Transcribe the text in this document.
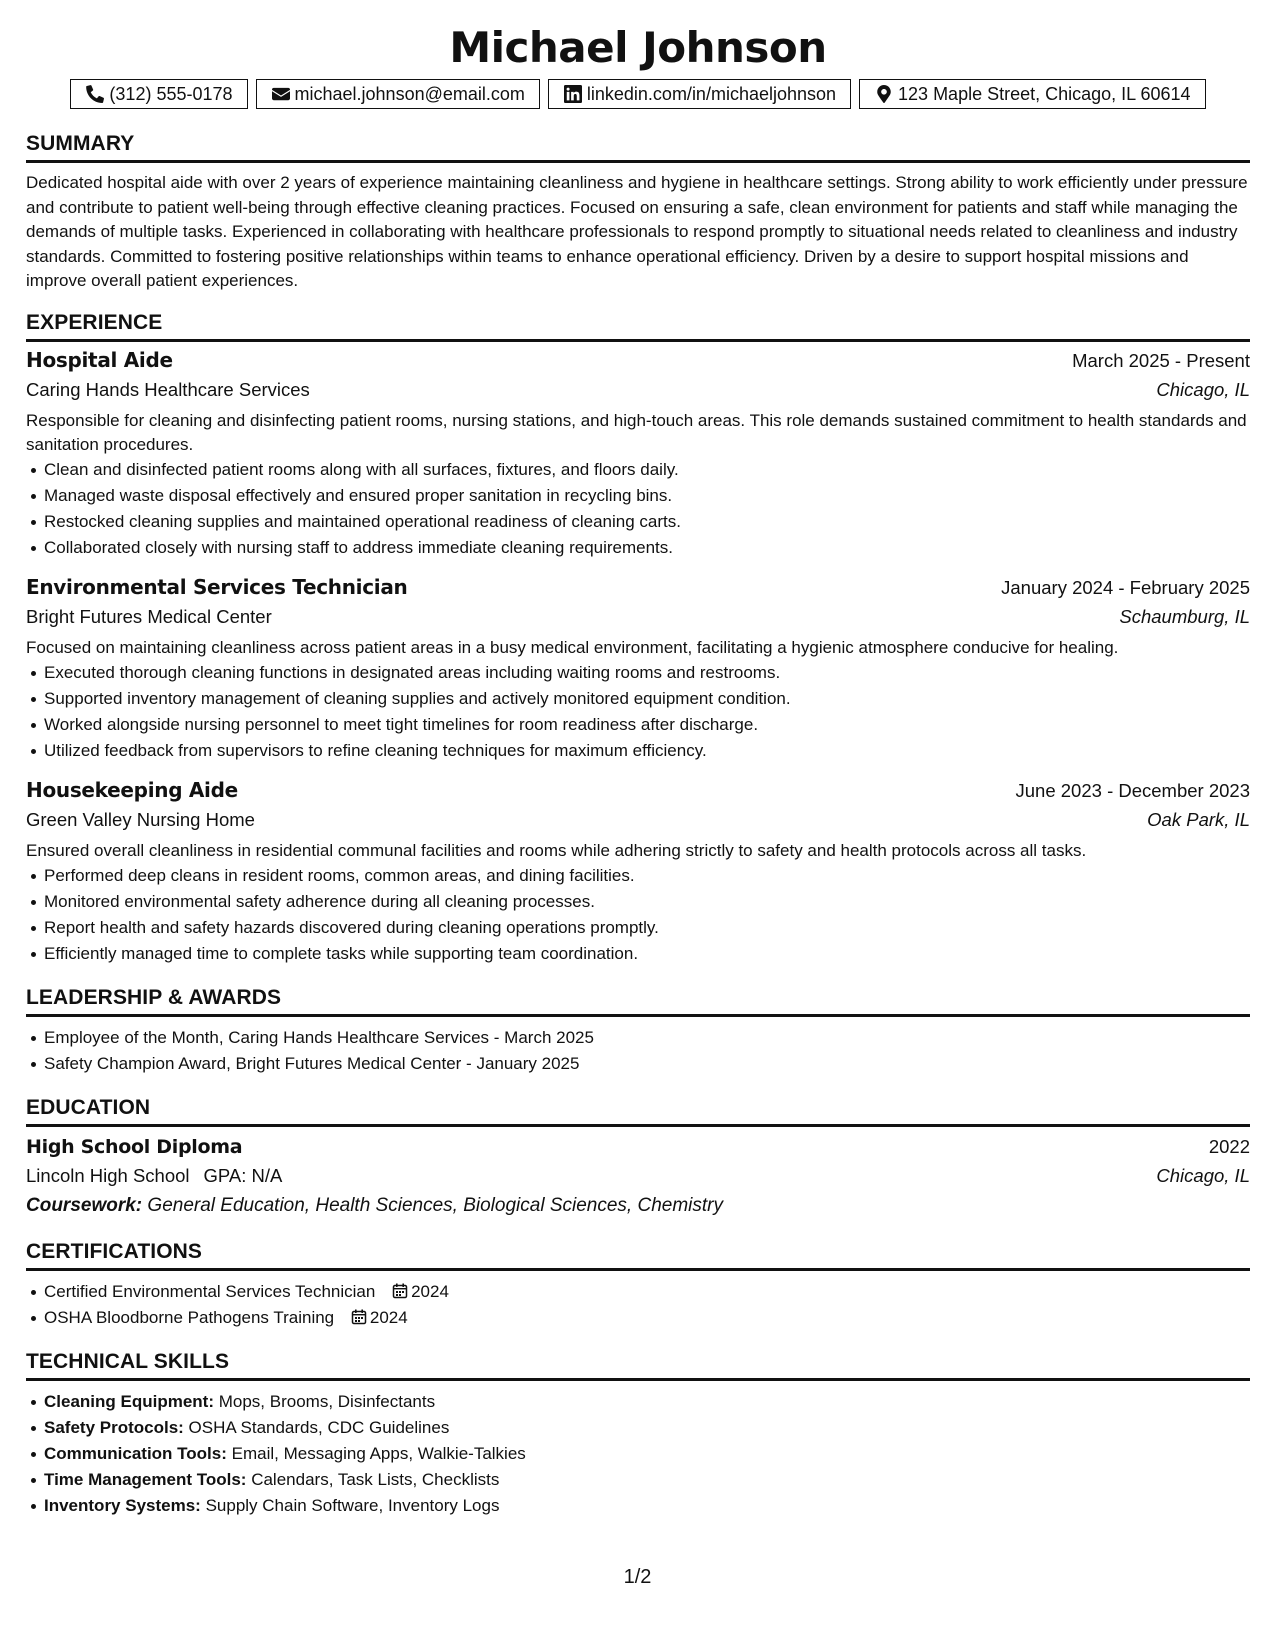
Michael Johnson
(312) 555-0178	michael.johnson@email.com	linkedin.com/in/michaeljohnson	123 Maple Street, Chicago, IL 60614
SUMMARY

Dedicated hospital aide with over 2 years of experience maintaining cleanliness and hygiene in healthcare settings. Strong ability to work efficiently under pressure and contribute to patient well-being through effective cleaning practices. Focused on ensuring a safe, clean environment for patients and staff while managing the demands of multiple tasks. Experienced in collaborating with healthcare professionals to respond promptly to situational needs related to cleanliness and industry standards. Committed to fostering positive relationships within teams to enhance operational efficiency. Driven by a desire to support hospital missions and improve overall patient experiences.

EXPERIENCE
Hospital Aide	March 2025 - Present
Caring Hands Healthcare Services	Chicago, IL

Responsible for cleaning and disinfecting patient rooms, nursing stations, and high-touch areas. This role demands sustained commitment to health standards and sanitation procedures.

Clean and disinfected patient rooms along with all surfaces, fixtures, and floors daily.
Managed waste disposal effectively and ensured proper sanitation in recycling bins.
Restocked cleaning supplies and maintained operational readiness of cleaning carts.
Collaborated closely with nursing staff to address immediate cleaning requirements.
Environmental Services Technician	January 2024 - February 2025
Bright Futures Medical Center	Schaumburg, IL

Focused on maintaining cleanliness across patient areas in a busy medical environment, facilitating a hygienic atmosphere conducive for healing.

Executed thorough cleaning functions in designated areas including waiting rooms and restrooms.
Supported inventory management of cleaning supplies and actively monitored equipment condition.
Worked alongside nursing personnel to meet tight timelines for room readiness after discharge.
Utilized feedback from supervisors to refine cleaning techniques for maximum efficiency.
Housekeeping Aide	June 2023 - December 2023
Green Valley Nursing Home	Oak Park, IL

Ensured overall cleanliness in residential communal facilities and rooms while adhering strictly to safety and health protocols across all tasks.

Performed deep cleans in resident rooms, common areas, and dining facilities.
Monitored environmental safety adherence during all cleaning processes.
Report health and safety hazards discovered during cleaning operations promptly.
Efficiently managed time to complete tasks while supporting team coordination.
LEADERSHIP & AWARDS
Employee of the Month, Caring Hands Healthcare Services - March 2025
Safety Champion Award, Bright Futures Medical Center - January 2025
EDUCATION
High School Diploma	2022
Lincoln High School GPA: N/A	Chicago, IL
Coursework: General Education, Health Sciences, Biological Sciences, Chemistry
CERTIFICATIONS
Certified Environmental Services Technician 2024
OSHA Bloodborne Pathogens Training 2024
TECHNICAL SKILLS
Cleaning Equipment: Mops, Brooms, Disinfectants
Safety Protocols: OSHA Standards, CDC Guidelines
Communication Tools: Email, Messaging Apps, Walkie-Talkies
Time Management Tools: Calendars, Task Lists, Checklists
Inventory Systems: Supply Chain Software, Inventory Logs
1/2
